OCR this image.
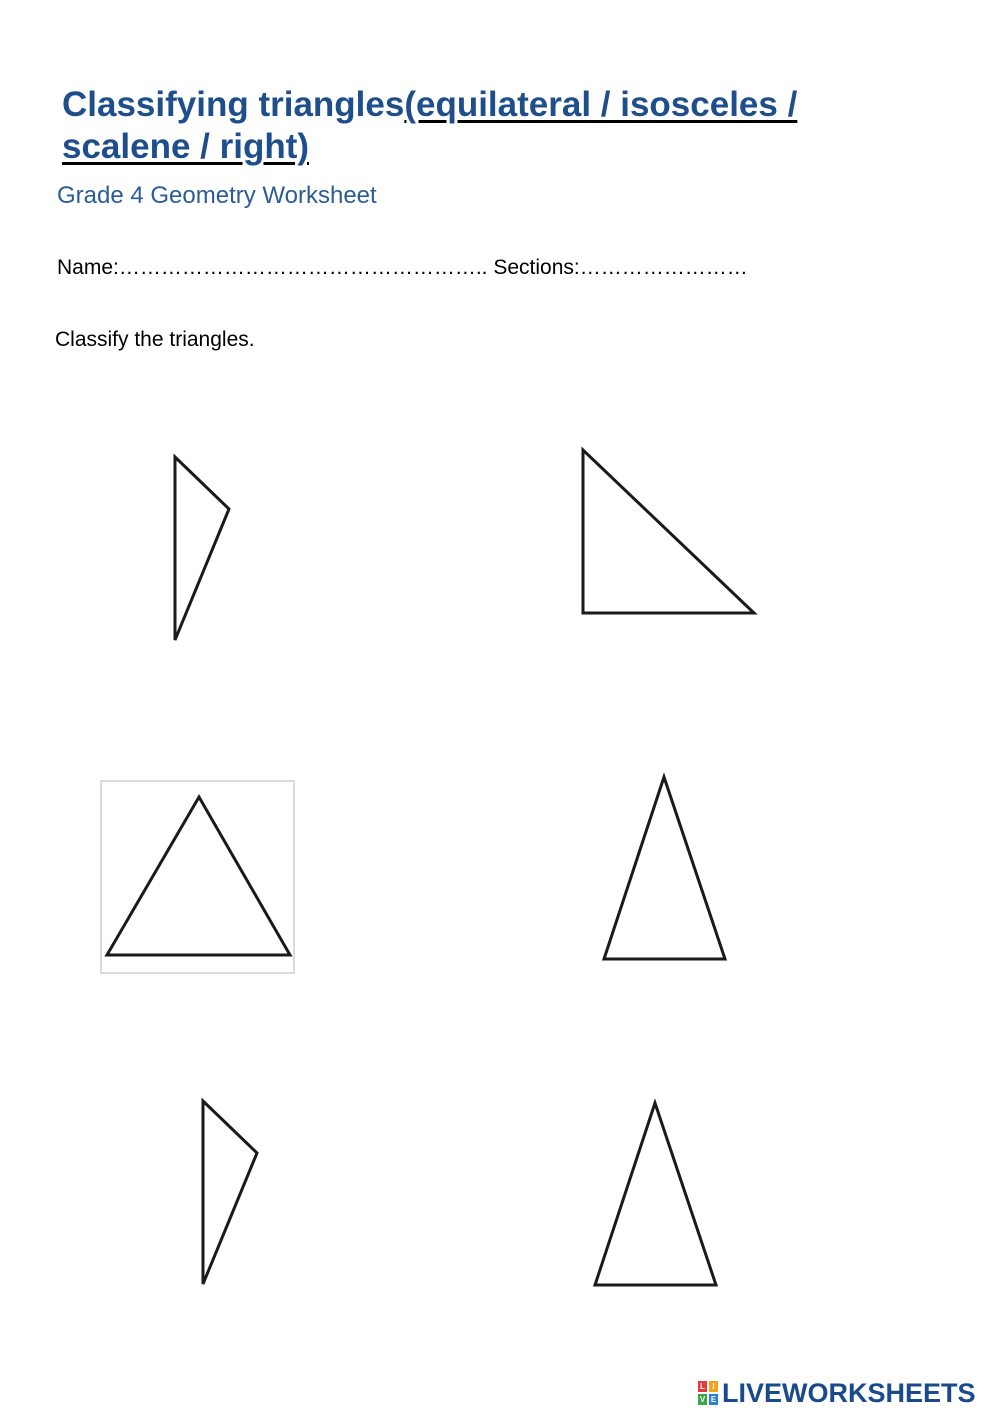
Classifying triangles(equilateral / isosceles / scalene / right)

Grade 4 Geometry Worksheet

Name:…………………………………………….. Sections:……………………
Classify the triangles.
L I
V E LIVEWORKSHEETS
